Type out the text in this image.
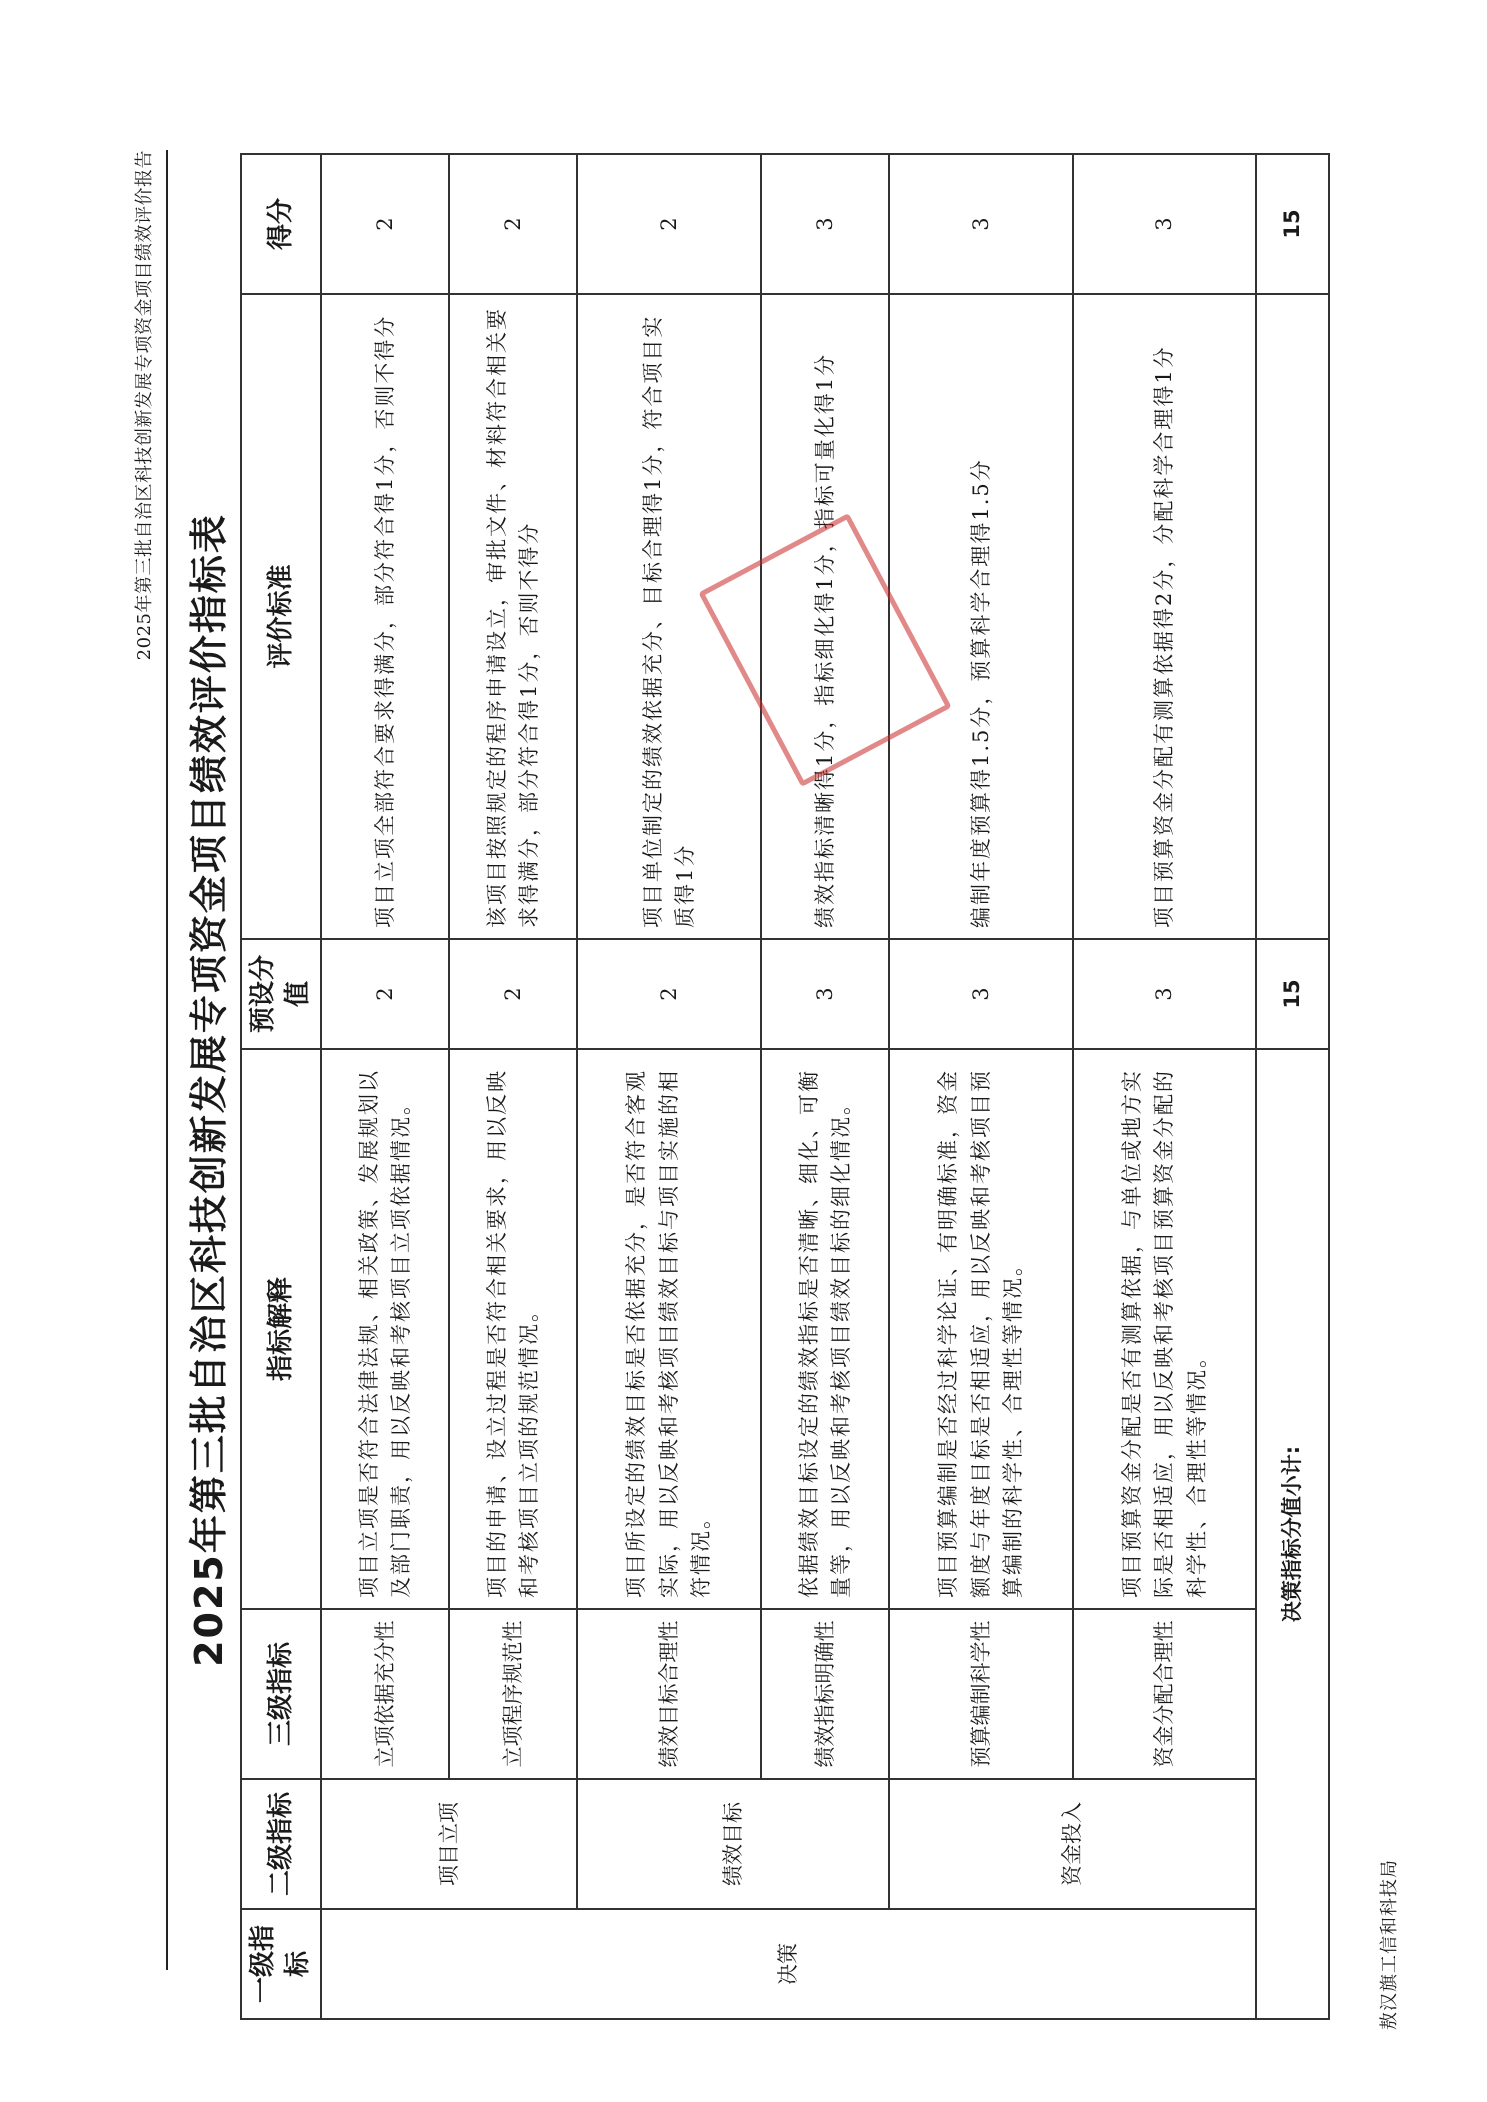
2025年第三批自治区科技创新发展专项资金项目绩效评价报告
2025年第三批自治区科技创新发展专项资金项目绩效评价指标表
一级指标	二级指标	三级指标	指标解释	预设分值	评价标准	得分
决策	项目立项	立项依据充分性	项目立项是否符合法律法规、相关政策、发展规划以及部门职责，用以反映和考核项目立项依据情况。	2	项目立项全部符合要求得满分，部分符合得1分，否则不得分	2
		立项程序规范性	项目的申请、设立过程是否符合相关要求，用以反映和考核项目立项的规范情况。	2	该项目按照规定的程序申请设立，审批文件、材料符合相关要求得满分，部分符合得1分，否则不得分	2
	绩效目标	绩效目标合理性	项目所设定的绩效目标是否依据充分，是否符合客观实际，用以反映和考核项目绩效目标与项目实施的相符情况。	2	项目单位制定的绩效依据充分、目标合理得1分，符合项目实质得1分	2
		绩效指标明确性	依据绩效目标设定的绩效指标是否清晰、细化、可衡量等，用以反映和考核项目绩效目标的细化情况。	3	绩效指标清晰得1分，指标细化得1分，指标可量化得1分	3
	资金投入	预算编制科学性	项目预算编制是否经过科学论证、有明确标准，资金额度与年度目标是否相适应，用以反映和考核项目预算编制的科学性、合理性等情况。	3	编制年度预算得1.5分，预算科学合理得1.5分	3
		资金分配合理性	项目预算资金分配是否有测算依据，与单位或地方实际是否相适应，用以反映和考核项目预算资金分配的科学性、合理性等情况。	3	项目预算资金分配有测算依据得2分，分配科学合理得1分	3
决策指标分值小计:				15		15
敖汉旗工信和科技局
